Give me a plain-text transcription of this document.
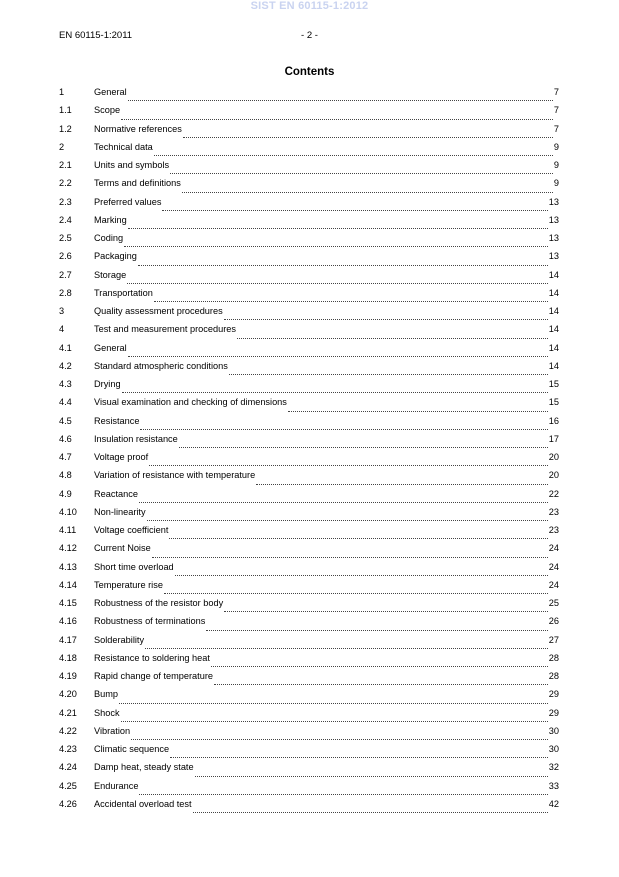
SIST EN 60115-1:2012
EN 60115-1:2011	- 2 -
Contents
1	General	7
1.1	Scope	7
1.2	Normative references	7
2	Technical data	9
2.1	Units and symbols	9
2.2	Terms and definitions	9
2.3	Preferred values	13
2.4	Marking	13
2.5	Coding	13
2.6	Packaging	13
2.7	Storage	14
2.8	Transportation	14
3	Quality assessment procedures	14
4	Test and measurement procedures	14
4.1	General	14
4.2	Standard atmospheric conditions	14
4.3	Drying	15
4.4	Visual examination and checking of dimensions	15
4.5	Resistance	16
4.6	Insulation resistance	17
4.7	Voltage proof	20
4.8	Variation of resistance with temperature	20
4.9	Reactance	22
4.10	Non-linearity	23
4.11	Voltage coefficient	23
4.12	Current Noise	24
4.13	Short time overload	24
4.14	Temperature rise	24
4.15	Robustness of the resistor body	25
4.16	Robustness of terminations	26
4.17	Solderability	27
4.18	Resistance to soldering heat	28
4.19	Rapid change of temperature	28
4.20	Bump	29
4.21	Shock	29
4.22	Vibration	30
4.23	Climatic sequence	30
4.24	Damp heat, steady state	32
4.25	Endurance	33
4.26	Accidental overload test	42
